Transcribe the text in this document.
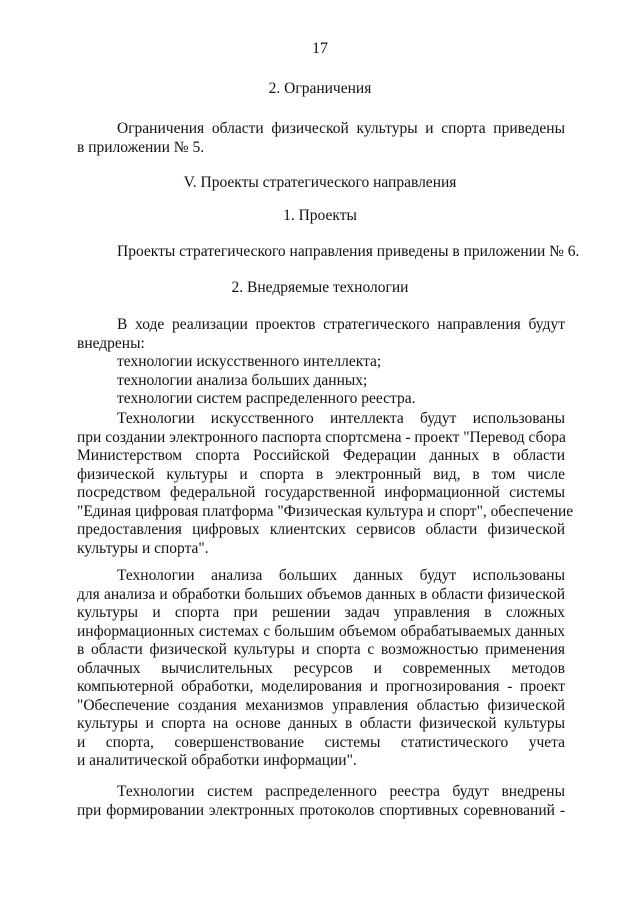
17
2. Ограничения
Ограничения области физической культуры и спорта приведены
в приложении № 5.
V. Проекты стратегического направления
1. Проекты
Проекты стратегического направления приведены в приложении № 6.
2. Внедряемые технологии
В ходе реализации проектов стратегического направления будут
внедрены:
технологии искусственного интеллекта;
технологии анализа больших данных;
технологии систем распределенного реестра.
Технологии искусственного интеллекта будут использованы
при создании электронного паспорта спортсмена - проект "Перевод сбора
Министерством спорта Российской Федерации данных в области
физической культуры и спорта в электронный вид, в том числе
посредством федеральной государственной информационной системы
"Единая цифровая платформа "Физическая культура и спорт", обеспечение
предоставления цифровых клиентских сервисов области физической
культуры и спорта".
Технологии анализа больших данных будут использованы
для анализа и обработки больших объемов данных в области физической
культуры и спорта при решении задач управления в сложных
информационных системах с большим объемом обрабатываемых данных
в области физической культуры и спорта с возможностью применения
облачных вычислительных ресурсов и современных методов
компьютерной обработки, моделирования и прогнозирования - проект
"Обеспечение создания механизмов управления областью физической
культуры и спорта на основе данных в области физической культуры
и спорта, совершенствование системы статистического учета
и аналитической обработки информации".
Технологии систем распределенного реестра будут внедрены
при формировании электронных протоколов спортивных соревнований -
